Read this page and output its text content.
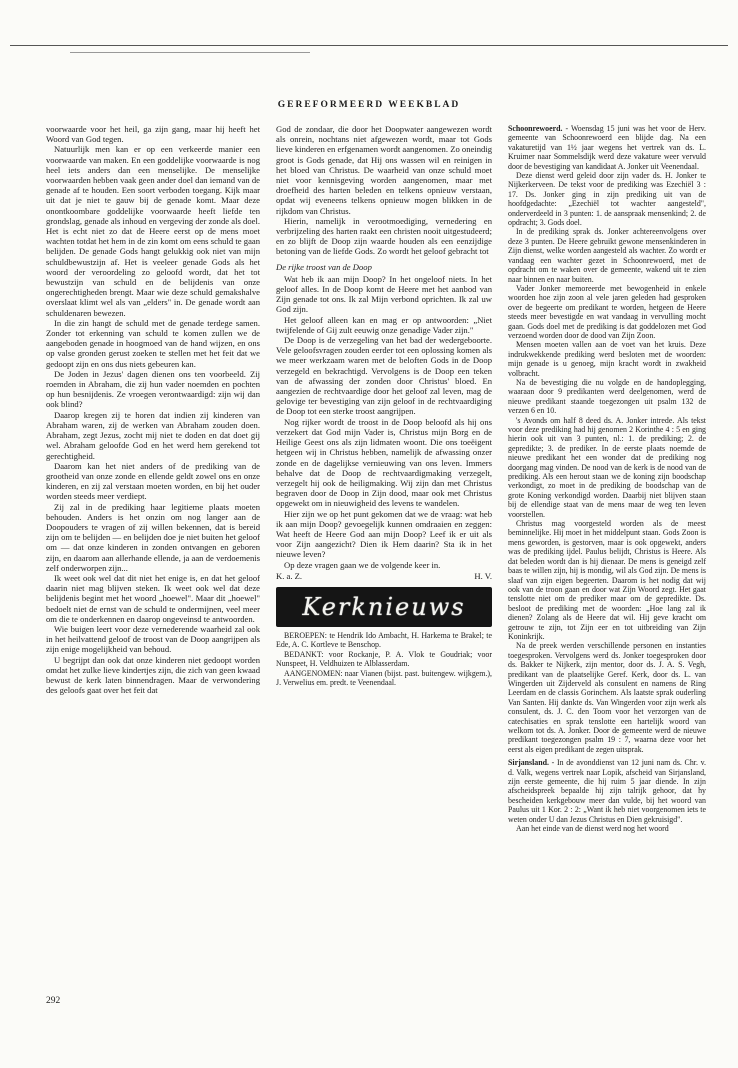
GEREFORMEERD WEEKBLAD

voorwaarde voor het heil, ga zijn gang, maar hij heeft het Woord van God tegen.

Natuurlijk men kan er op een verkeerde manier een voorwaarde van maken. En een goddelijke voorwaarde is nog heel iets anders dan een menselijke. De menselijke voorwaarden hebben vaak geen ander doel dan iemand van de genade af te houden. Een soort verboden toegang. Kijk maar uit dat je niet te gauw bij de genade komt. Maar deze onontkoombare goddelijke voorwaarde heeft liefde ten grondslag, genade als inhoud en vergeving der zonde als doel. Het is echt niet zo dat de Heere eerst op de mens moet wachten totdat het hem in de zin komt om eens schuld te gaan belijden. De genade Gods hangt gelukkig ook niet van mijn schuldbewustzijn af. Het is veeleer genade Gods als het woord der veroordeling zo geloofd wordt, dat het tot bewustzijn van schuld en de belijdenis van onze ongerechtigheden brengt. Maar wie deze schuld gemakshalve overslaat klimt wel als van „elders" in. De genade wordt aan schuldenaren bewezen.

In die zin hangt de schuld met de genade terdege samen. Zonder tot erkenning van schuld te komen zullen we de aangeboden genade in hoogmoed van de hand wijzen, en ons op valse gronden gerust zoeken te stellen met het feit dat we gedoopt zijn en ons dus niets gebeuren kan.

De Joden in Jezus' dagen dienen ons ten voorbeeld. Zij roemden in Abraham, die zij hun vader noemden en pochten op hun besnijdenis. Ze vroegen verontwaardigd: zijn wij dan ook blind?

Daarop kregen zij te horen dat indien zij kinderen van Abraham waren, zij de werken van Abraham zouden doen. Abraham, zegt Jezus, zocht mij niet te doden en dat doet gij wel. Abraham geloofde God en het werd hem gerekend tot gerechtigheid.

Daarom kan het niet anders of de prediking van de grootheid van onze zonde en ellende geldt zowel ons en onze kinderen, en zij zal verstaan moeten worden, en bij het ouder worden steeds meer verdiept.

Zij zal in de prediking haar legitieme plaats moeten behouden. Anders is het onzin om nog langer aan de Doopouders te vragen of zij willen bekennen, dat is bereid zijn om te belijden — en belijden doe je niet buiten het geloof om — dat onze kinderen in zonden ontvangen en geboren zijn, en daarom aan allerhande ellende, ja aan de verdoemenis zelf onderworpen zijn...

Ik weet ook wel dat dit niet het enige is, en dat het geloof daarin niet mag blijven steken. Ik weet ook wel dat deze belijdenis begint met het woord „hoewel". Maar dit „hoewel" bedoelt niet de ernst van de schuld te ondermijnen, veel meer om die te onderkennen en daarop ongeveinsd te antwoorden.

Wie buigen leert voor deze vernederende waarheid zal ook in het heilvattend geloof de troost van de Doop aangrijpen als zijn enige mogelijkheid van behoud.

U begrijpt dan ook dat onze kinderen niet gedoopt worden omdat het zulke lieve kindertjes zijn, die zich van geen kwaad bewust de kerk laten binnendragen. Maar de verwondering des geloofs gaat over het feit dat

God de zondaar, die door het Doopwater aangewezen wordt als onrein, nochtans niet afgewezen wordt, maar tot Gods lieve kinderen en erfgenamen wordt aangenomen. Zo oneindig groot is Gods genade, dat Hij ons wassen wil en reinigen in het bloed van Christus. De waarheid van onze schuld moet niet voor kennisgeving worden aangenomen, maar met droefheid des harten beleden en telkens opnieuw verstaan, opdat wij eveneens telkens opnieuw mogen blikken in de rijkdom van Christus.

Hierin, namelijk in verootmoediging, vernedering en verbrijzeling des harten raakt een christen nooit uitgestudeerd; en zo blijft de Doop zijn waarde houden als een eenzijdige betoning van de liefde Gods. Zo wordt het geloof gebracht tot

De rijke troost van de Doop

Wat heb ik aan mijn Doop? In het ongeloof niets. In het geloof alles. In de Doop komt de Heere met het aanbod van Zijn genade tot ons. Ik zal Mijn verbond oprichten. Ik zal uw God zijn.

Het geloof alleen kan en mag er op antwoorden: „Niet twijfelende of Gij zult eeuwig onze genadige Vader zijn."

De Doop is de verzegeling van het bad der wedergeboorte. Vele geloofsvragen zouden eerder tot een oplossing komen als we meer werkzaam waren met de beloften Gods in de Doop verzegeld en bekrachtigd. Vervolgens is de Doop een teken van de afwassing der zonden door Christus' bloed. En aangezien de rechtvaardige door het geloof zal leven, mag de gelovige ter bevestiging van zijn geloof in de rechtvaardiging de Doop tot een sterke troost aangrijpen.

Nog rijker wordt de troost in de Doop beloofd als hij ons verzekert dat God mijn Vader is, Christus mijn Borg en de Heilige Geest ons als zijn lidmaten woont. Die ons toeëigent hetgeen wij in Christus hebben, namelijk de afwassing onzer zonde en de dagelijkse vernieuwing van ons leven. Immers behalve dat de Doop de rechtvaardigmaking verzegelt, verzegelt hij ook de heiligmaking. Wij zijn dan met Christus begraven door de Doop in Zijn dood, maar ook met Christus opgewekt om in nieuwigheid des levens te wandelen.

Hier zijn we op het punt gekomen dat we de vraag: wat heb ik aan mijn Doop? gevoegelijk kunnen omdraaien en zeggen: Wat heeft de Heere God aan mijn Doop? Leef ik er uit als voor Zijn aangezicht? Dien ik Hem daarin? Sta ik in het nieuwe leven?

Op deze vragen gaan we de volgende keer in.

K. a. Z.	H. V.
Kerknieuws

BEROEPEN: te Hendrik Ido Ambacht, H. Harkema te Brakel; te Ede, A. C. Kortleve te Benschop.

BEDANKT: voor Rockanje, P. A. Vlok te Goudriak; voor Nunspeet, H. Veldhuizen te Alblasserdam.

AANGENOMEN: naar Vianen (bijst. past. buitengew. wijkgem.), J. Verwelius em. predt. te Veenendaal.

Schoonrewoerd. - Woensdag 15 juni was het voor de Herv. gemeente van Schoonrewoerd een blijde dag. Na een vakaturetijd van 1½ jaar wegens het vertrek van ds. L. Kruimer naar Sommelsdijk werd deze vakature weer vervuld door de bevestiging van kandidaat A. Jonker uit Veenendaal.

Deze dienst werd geleid door zijn vader ds. H. Jonker te Nijkerkerveen. De tekst voor de prediking was Ezechiël 3 : 17. Ds. Jonker ging in zijn prediking uit van de hoofdgedachte: „Ezechiël tot wachter aangesteld", onderverdeeld in 3 punten: 1. de aanspraak mensenkind; 2. de opdracht; 3. Gods doel.

In de prediking sprak ds. Jonker achtereenvolgens over deze 3 punten. De Heere gebruikt gewone mensenkinderen in Zijn dienst, welke worden aangesteld als wachter. Zo wordt er vandaag een wachter gezet in Schoonrewoerd, met de opdracht om te waken over de gemeente, wakend uit te zien naar binnen en naar buiten.

Vader Jonker memoreerde met bewogenheid in enkele woorden hoe zijn zoon al vele jaren geleden had gesproken over de begeerte om predikant te worden, hetgeen de Heere steeds meer bevestigde en wat vandaag in vervulling mocht gaan. Gods doel met de prediking is dat goddelozen met God verzoend worden door de dood van Zijn Zoon.

Mensen moeten vallen aan de voet van het kruis. Deze indrukwekkende prediking werd besloten met de woorden: mijn genade is u genoeg, mijn kracht wordt in zwakheid volbracht.

Na de bevestiging die nu volgde en de handoplegging, waaraan door 9 predikanten werd deelgenomen, werd de nieuwe predikant staande toegezongen uit psalm 132 de verzen 6 en 10.

's Avonds om half 8 deed ds. A. Jonker intrede. Als tekst voor deze prediking had hij genomen 2 Korinthe 4 : 5 en ging hierin ook uit van 3 punten, nl.: 1. de prediking; 2. de gepredikte; 3. de prediker. In de eerste plaats noemde de nieuwe predikant het een wonder dat de prediking nog doorgang mag vinden. De nood van de kerk is de nood van de prediking. Als een herout staan we de koning zijn boodschap verkondigt, zo moet in de prediking de boodschap van de grote Koning verkondigd worden. Daarbij niet blijven staan bij de ellendige staat van de mens maar de weg ten leven voorstellen.

Christus mag voorgesteld worden als de meest beminnelijke. Hij moet in het middelpunt staan. Gods Zoon is mens geworden, is gestorven, maar is ook opgewekt, anders was de prediking ijdel. Paulus belijdt, Christus is Heere. Als dat beleden wordt dan is hij dienaar. De mens is geneigd zelf baas te willen zijn, hij is mondig, wil als God zijn. De mens is slaaf van zijn eigen begeerten. Daarom is het nodig dat wij ook van de troon gaan en door wat Zijn Woord zegt. Het gaat tenslotte niet om de prediker maar om de gepredikte. Ds. besloot de prediking met de woorden: „Hoe lang zal ik dienen? Zolang als de Heere dat wil. Hij geve kracht om getrouw te zijn, tot Zijn eer en tot uitbreiding van Zijn Koninkrijk.

Na de preek werden verschillende personen en instanties toegesproken. Vervolgens werd ds. Jonker toegesproken door ds. Bakker te Nijkerk, zijn mentor, door ds. J. A. S. Vegh, predikant van de plaatselijke Geref. Kerk, door ds. L. van Wingerden uit Zijderveld als consulent en namens de Ring Leerdam en de classis Gorinchem. Als laatste sprak ouderling Van Santen. Hij dankte ds. Van Wingerden voor zijn werk als consulent, ds. J. C. den Toom voor het verzorgen van de catechisaties en sprak tenslotte een hartelijk woord van welkom tot ds. A. Jonker. Door de gemeente werd de nieuwe predikant toegezongen psalm 19 : 7, waarna deze voor het eerst als eigen predikant de zegen uitsprak.

Sirjansland. - In de avonddienst van 12 juni nam ds. Chr. v. d. Valk, wegens vertrek naar Lopik, afscheid van Sirjansland, zijn eerste gemeente, die hij ruim 5 jaar diende. In zijn afscheidspreek bepaalde hij zijn talrijk gehoor, dat hy bescheiden kerkgebouw meer dan vulde, bij het woord van Paulus uit 1 Kor. 2 : 2: „Want ik heb niet voorgenomen iets te weten onder U dan Jezus Christus en Dien gekruisigd".

Aan het einde van de dienst werd nog het woord

292
